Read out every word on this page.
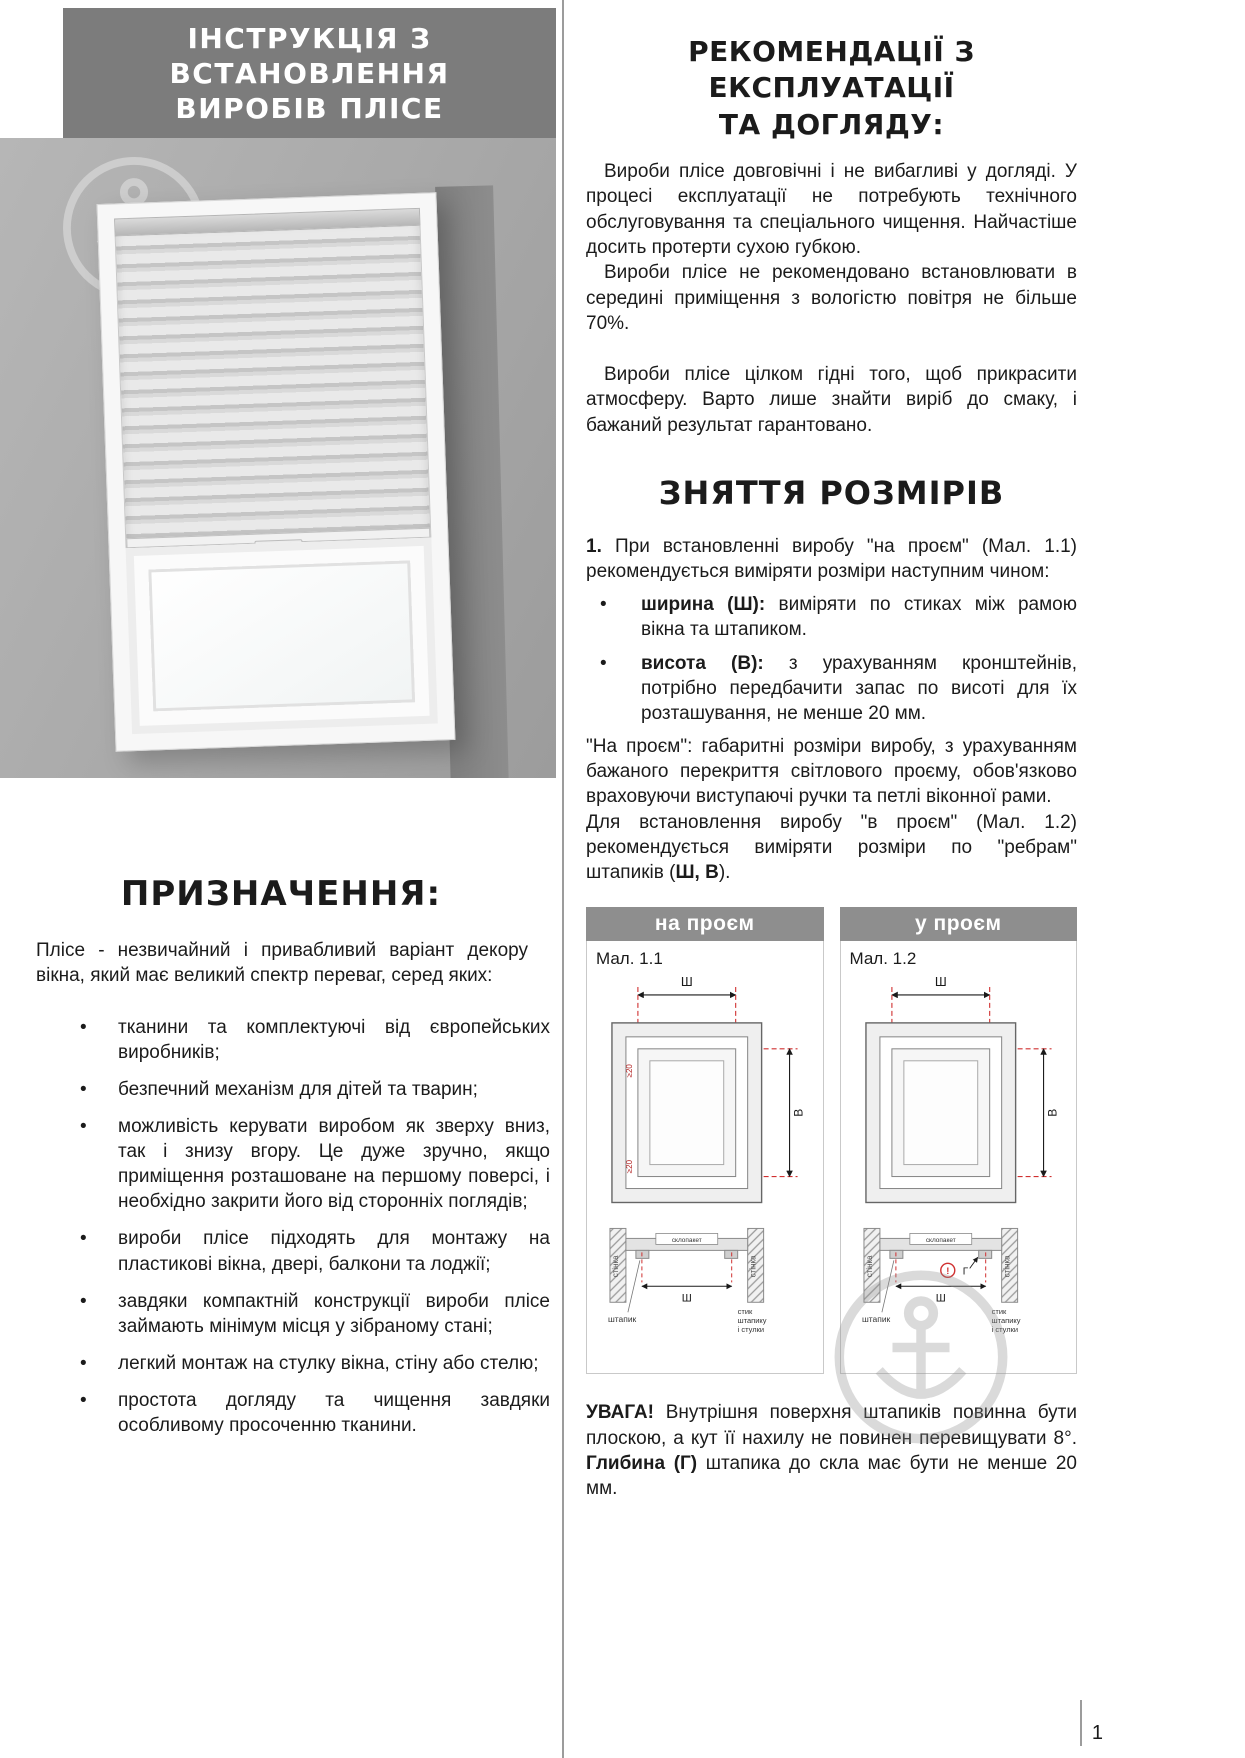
ІНСТРУКЦІЯ З ВСТАНОВЛЕННЯ
ВИРОБІВ ПЛІСЕ
ПРИЗНАЧЕННЯ:

Плісе - незвичайний і привабливий варіант декору вікна, який має великий спектр переваг, серед яких:

• тканини та комплектуючі від європейських виробників;
• безпечний механізм для дітей та тварин;
• можливість керувати виробом як зверху вниз, так і знизу вгору. Це дуже зручно, якщо приміщення розташоване на першому поверсі, і необхідно закрити його від сторонніх поглядів;
• вироби плісе підходять для монтажу на пластикові вікна, двері, балкони та лоджії;
• завдяки компактній конструкції вироби плісе займають мінімум місця у зібраному стані;
• легкий монтаж на стулку вікна, стіну або стелю;
• простота догляду та чищення завдяки особливому просоченню тканини.
РЕКОМЕНДАЦІЇ З ЕКСПЛУАТАЦІЇ
ТА ДОГЛЯДУ:

Вироби плісе довговічні і не вибагливі у догляді. У процесі експлуатації не потребують технічного обслуговування та спеціального чищення. Найчастіше досить протерти сухою губкою.

Вироби плісе не рекомендовано встановлювати в середині приміщення з вологістю повітря не більше 70%.

Вироби плісе цілком гідні того, щоб прикрасити атмосферу. Варто лише знайти виріб до смаку, і бажаний результат гарантовано.

ЗНЯТТЯ РОЗМІРІВ

1. При встановленні виробу "на проєм" (Мал. 1.1) рекомендується виміряти розміри наступним чином:

• ширина (Ш): виміряти по стиках між рамою вікна та штапиком.
• висота (В): з урахуванням кронштейнів, потрібно передбачити запас по висоті для їх розташування, не менше 20 мм.

"На проєм": габаритні розміри виробу, з урахуванням бажаного перекриття світлового проєму, обов'язково враховуючи виступаючі ручки та петлі віконної рами.

Для встановлення виробу "в проєм" (Мал. 1.2) рекомендується виміряти розміри по "ребрам" штапиків (Ш, В).

на проєм
Мал. 1.1
Ш
В
≥20
≥20
склопакет
стінка	стінка
Ш
штапик
стик
штапику
і стулки
у проєм
Мал. 1.2
Ш
В
склопакет
стінка	стінка
! Г
Ш
штапик
стик
штапику
і стулки

УВАГА! Внутрішня поверхня штапиків повинна бути плоскою, а кут її нахилу не повинен перевищувати 8°. Глибина (Г) штапика до скла має бути не менше 20 мм.

1
